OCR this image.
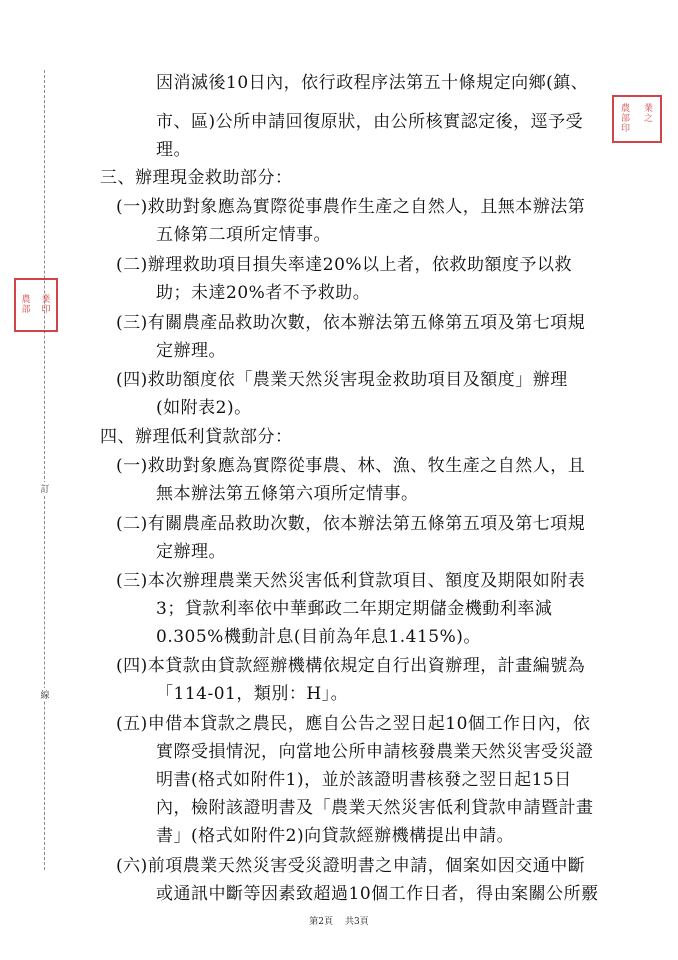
訂
線
農	業
部	之
印
農	業
部	印
因消滅後10日內，依行政程序法第五十條規定向鄉(鎮、
市、區)公所申請回復原狀，由公所核實認定後，逕予受
理。
三、辦理現金救助部分：
(一)救助對象應為實際從事農作生產之自然人，且無本辦法第
五條第二項所定情事。
(二)辦理救助項目損失率達20%以上者，依救助額度予以救
助；未達20%者不予救助。
(三)有關農產品救助次數，依本辦法第五條第五項及第七項規
定辦理。
(四)救助額度依「農業天然災害現金救助項目及額度」辦理
(如附表2)。
四、辦理低利貸款部分：
(一)救助對象應為實際從事農、林、漁、牧生產之自然人，且
無本辦法第五條第六項所定情事。
(二)有關農產品救助次數，依本辦法第五條第五項及第七項規
定辦理。
(三)本次辦理農業天然災害低利貸款項目、額度及期限如附表
3；貸款利率依中華郵政二年期定期儲金機動利率減
0.305%機動計息(目前為年息1.415%)。
(四)本貸款由貸款經辦機構依規定自行出資辦理，計畫編號為
「114-01，類別：H」。
(五)申借本貸款之農民，應自公告之翌日起10個工作日內，依
實際受損情況，向當地公所申請核發農業天然災害受災證
明書(格式如附件1)，並於該證明書核發之翌日起15日
內，檢附該證明書及「農業天然災害低利貸款申請暨計畫
書」(格式如附件2)向貸款經辦機構提出申請。
(六)前項農業天然災害受災證明書之申請，個案如因交通中斷
或通訊中斷等因素致超過10個工作日者，得由案關公所覈
第2頁 共3頁
